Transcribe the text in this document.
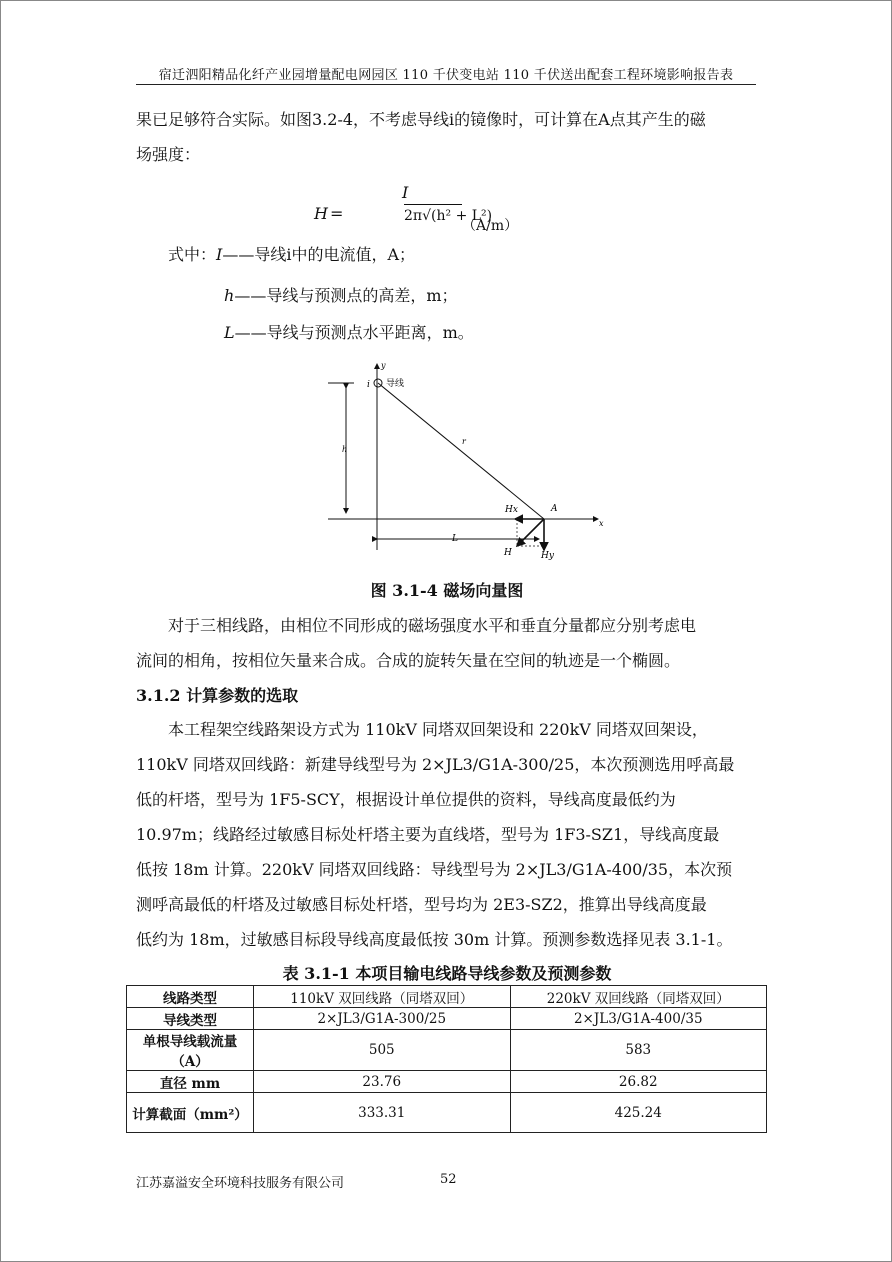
宿迁泗阳精品化纤产业园增量配电网园区 110 千伏变电站 110 千伏送出配套工程环境影响报告表
果已足够符合实际。如图3.2-4，不考虑导线i的镜像时，可计算在A点其产生的磁
场强度：
H =
I
2π√(h² + L²)
（A/m）
式中：I——导线i中的电流值，A；
h——导线与预测点的高差，m；
L——导线与预测点水平距离，m。
y
x
i 导线
r
h
L
Hx
Hy
H
A
图 3.1-4 磁场向量图
对于三相线路，由相位不同形成的磁场强度水平和垂直分量都应分别考虑电
流间的相角，按相位矢量来合成。合成的旋转矢量在空间的轨迹是一个椭圆。
3.1.2 计算参数的选取
本工程架空线路架设方式为 110kV 同塔双回架设和 220kV 同塔双回架设，
110kV 同塔双回线路：新建导线型号为 2×JL3/G1A-300/25，本次预测选用呼高最
低的杆塔，型号为 1F5-SCY，根据设计单位提供的资料，导线高度最低约为
10.97m；线路经过敏感目标处杆塔主要为直线塔，型号为 1F3-SZ1，导线高度最
低按 18m 计算。220kV 同塔双回线路：导线型号为 2×JL3/G1A-400/35，本次预
测呼高最低的杆塔及过敏感目标处杆塔，型号均为 2E3-SZ2，推算出导线高度最
低约为 18m，过敏感目标段导线高度最低按 30m 计算。预测参数选择见表 3.1-1。
表 3.1-1 本项目输电线路导线参数及预测参数
线路类型	110kV 双回线路（同塔双回）	220kV 双回线路（同塔双回）
导线类型	2×JL3/G1A-300/25	2×JL3/G1A-400/35
单根导线载流量（A）	505	583
直径 mm	23.76	26.82
计算截面（mm²）	333.31	425.24
江苏嘉溢安全环境科技服务有限公司	52
